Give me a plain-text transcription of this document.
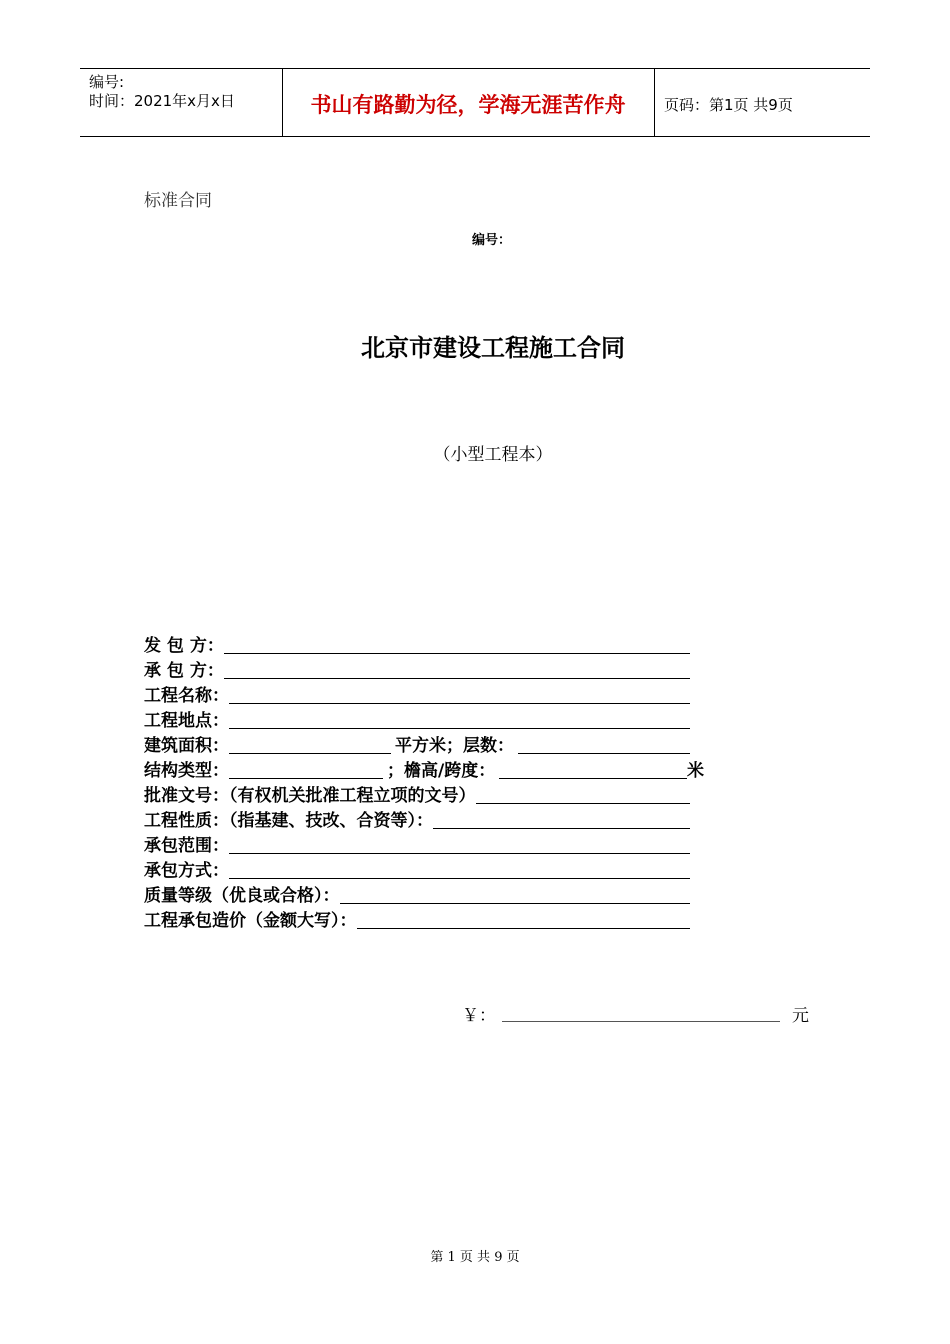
编号:
时间：2021年x月x日	书山有路勤为径，学海无涯苦作舟	页码：第1页 共9页
标准合同
编号：
北京市建设工程施工合同
（小型工程本）
发 包 方：
承 包 方：
工程名称：
工程地点：
建筑面积：	平方米；层数：
结构类型：	；檐高/跨度：	米
批准文号：（有权机关批准工程立项的文号）
工程性质：（指基建、技改、合资等）：
承包范围：
承包方式：
质量等级（优良或合格）：
工程承包造价（金额大写）：
￥：	元
第 1 页 共 9 页
